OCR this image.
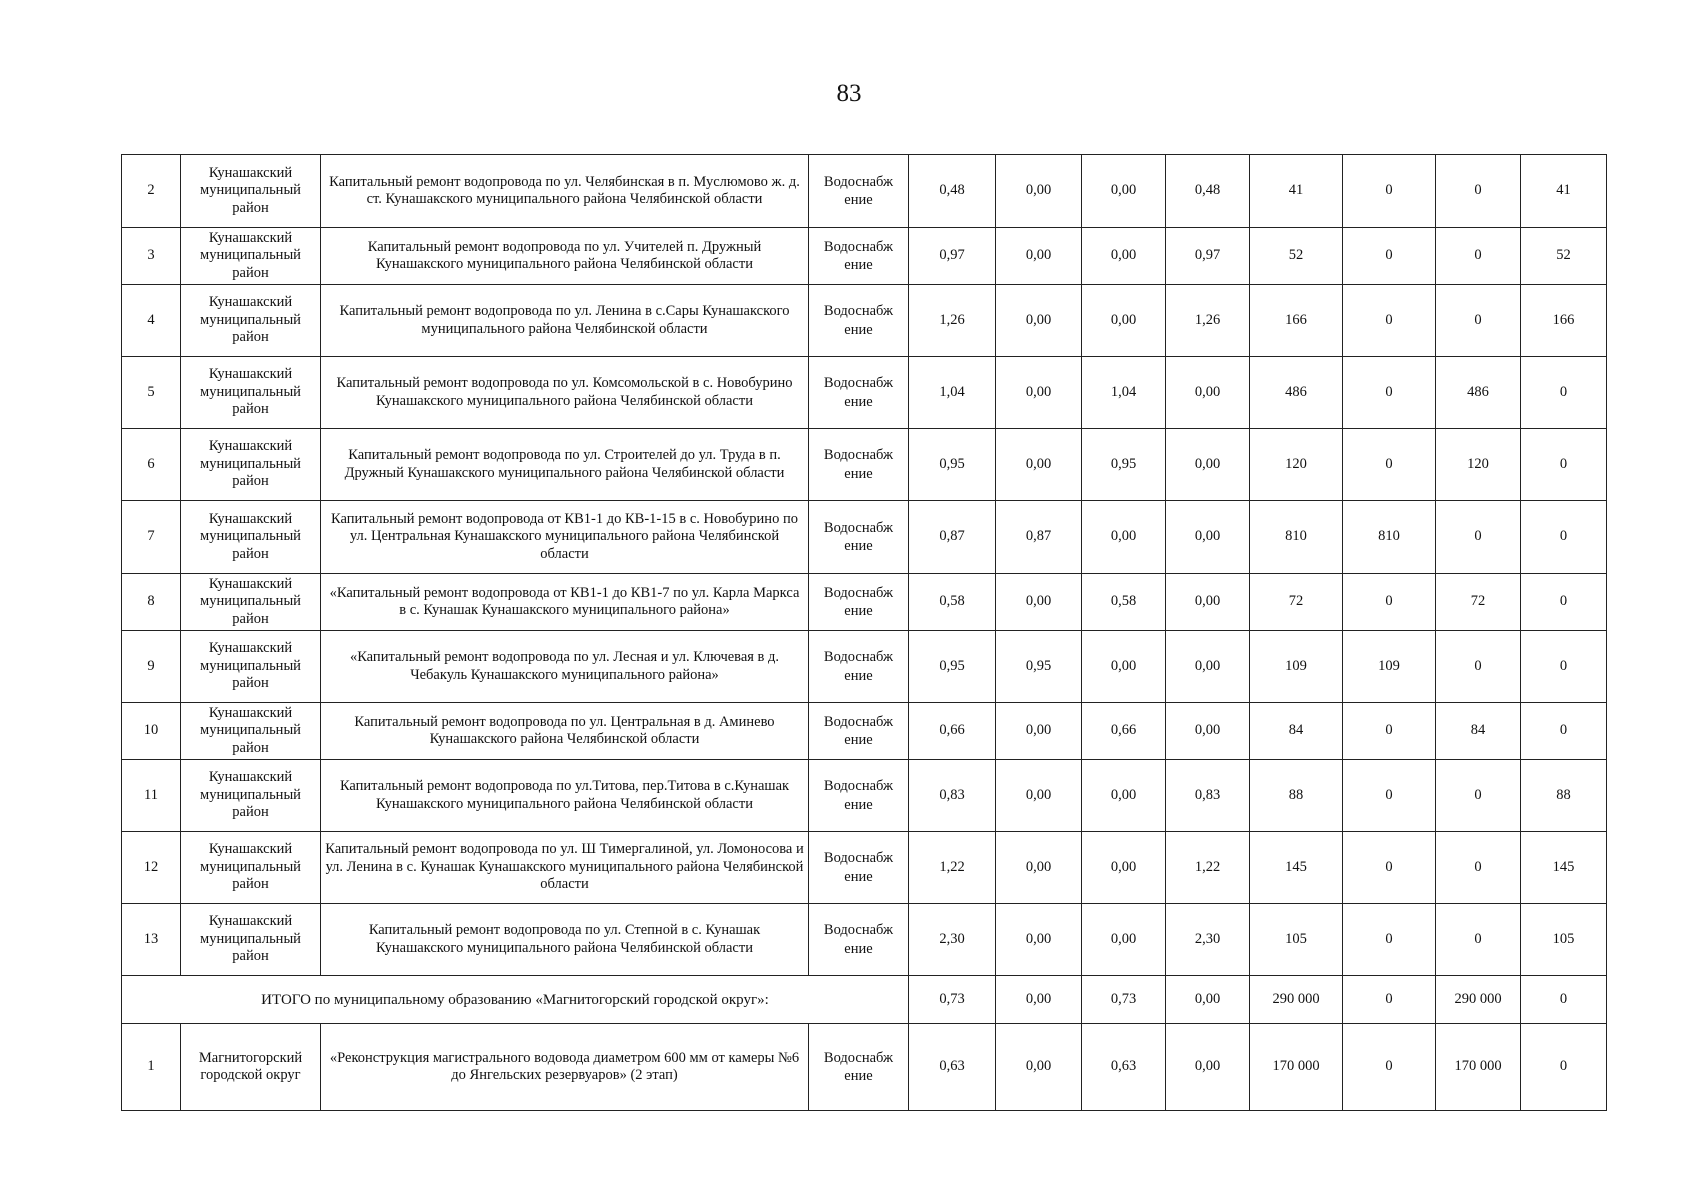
83
2	Кунашакский муниципальный район	Капитальный ремонт водопровода по ул. Челябинская в п. Муслюмово ж. д. ст. Кунашакского муниципального района Челябинской области	Водоснабж ение	0,48	0,00	0,00	0,48	41	0	0	41
3	Кунашакский муниципальный район	Капитальный ремонт водопровода по ул. Учителей п. Дружный Кунашакского муниципального района Челябинской области	Водоснабж ение	0,97	0,00	0,00	0,97	52	0	0	52
4	Кунашакский муниципальный район	Капитальный ремонт водопровода по ул. Ленина в с.Сары Кунашакского муниципального района Челябинской области	Водоснабж ение	1,26	0,00	0,00	1,26	166	0	0	166
5	Кунашакский муниципальный район	Капитальный ремонт водопровода по ул. Комсомольской в с. Новобурино Кунашакского муниципального района Челябинской области	Водоснабж ение	1,04	0,00	1,04	0,00	486	0	486	0
6	Кунашакский муниципальный район	Капитальный ремонт водопровода по ул. Строителей до ул. Труда в п. Дружный Кунашакского муниципального района Челябинской области	Водоснабж ение	0,95	0,00	0,95	0,00	120	0	120	0
7	Кунашакский муниципальный район	Капитальный ремонт водопровода от КВ1-1 до КВ-1-15 в с. Новобурино по ул. Центральная Кунашакского муниципального района Челябинской области	Водоснабж ение	0,87	0,87	0,00	0,00	810	810	0	0
8	Кунашакский муниципальный район	«Капитальный ремонт водопровода от КВ1-1 до КВ1-7 по ул. Карла Маркса в с. Кунашак Кунашакского муниципального района»	Водоснабж ение	0,58	0,00	0,58	0,00	72	0	72	0
9	Кунашакский муниципальный район	«Капитальный ремонт водопровода по ул. Лесная и ул. Ключевая в д. Чебакуль Кунашакского муниципального района»	Водоснабж ение	0,95	0,95	0,00	0,00	109	109	0	0
10	Кунашакский муниципальный район	Капитальный ремонт водопровода по ул. Центральная в д. Аминево Кунашакского района Челябинской области	Водоснабж ение	0,66	0,00	0,66	0,00	84	0	84	0
11	Кунашакский муниципальный район	Капитальный ремонт водопровода по ул.Титова, пер.Титова в с.Кунашак Кунашакского муниципального района Челябинской области	Водоснабж ение	0,83	0,00	0,00	0,83	88	0	0	88
12	Кунашакский муниципальный район	Капитальный ремонт водопровода по ул. Ш Тимергалиной, ул. Ломоносова и ул. Ленина в с. Кунашак Кунашакского муниципального района Челябинской области	Водоснабж ение	1,22	0,00	0,00	1,22	145	0	0	145
13	Кунашакский муниципальный район	Капитальный ремонт водопровода по ул. Степной в с. Кунашак Кунашакского муниципального района Челябинской области	Водоснабж ение	2,30	0,00	0,00	2,30	105	0	0	105
ИТОГО по муниципальному образованию «Магнитогорский городской округ»:				0,73	0,00	0,73	0,00	290 000	0	290 000	0
1	Магнитогорский городской округ	«Реконструкция магистрального водовода диаметром 600 мм от камеры №6 до Янгельских резервуаров» (2 этап)	Водоснабж ение	0,63	0,00	0,63	0,00	170 000	0	170 000	0
